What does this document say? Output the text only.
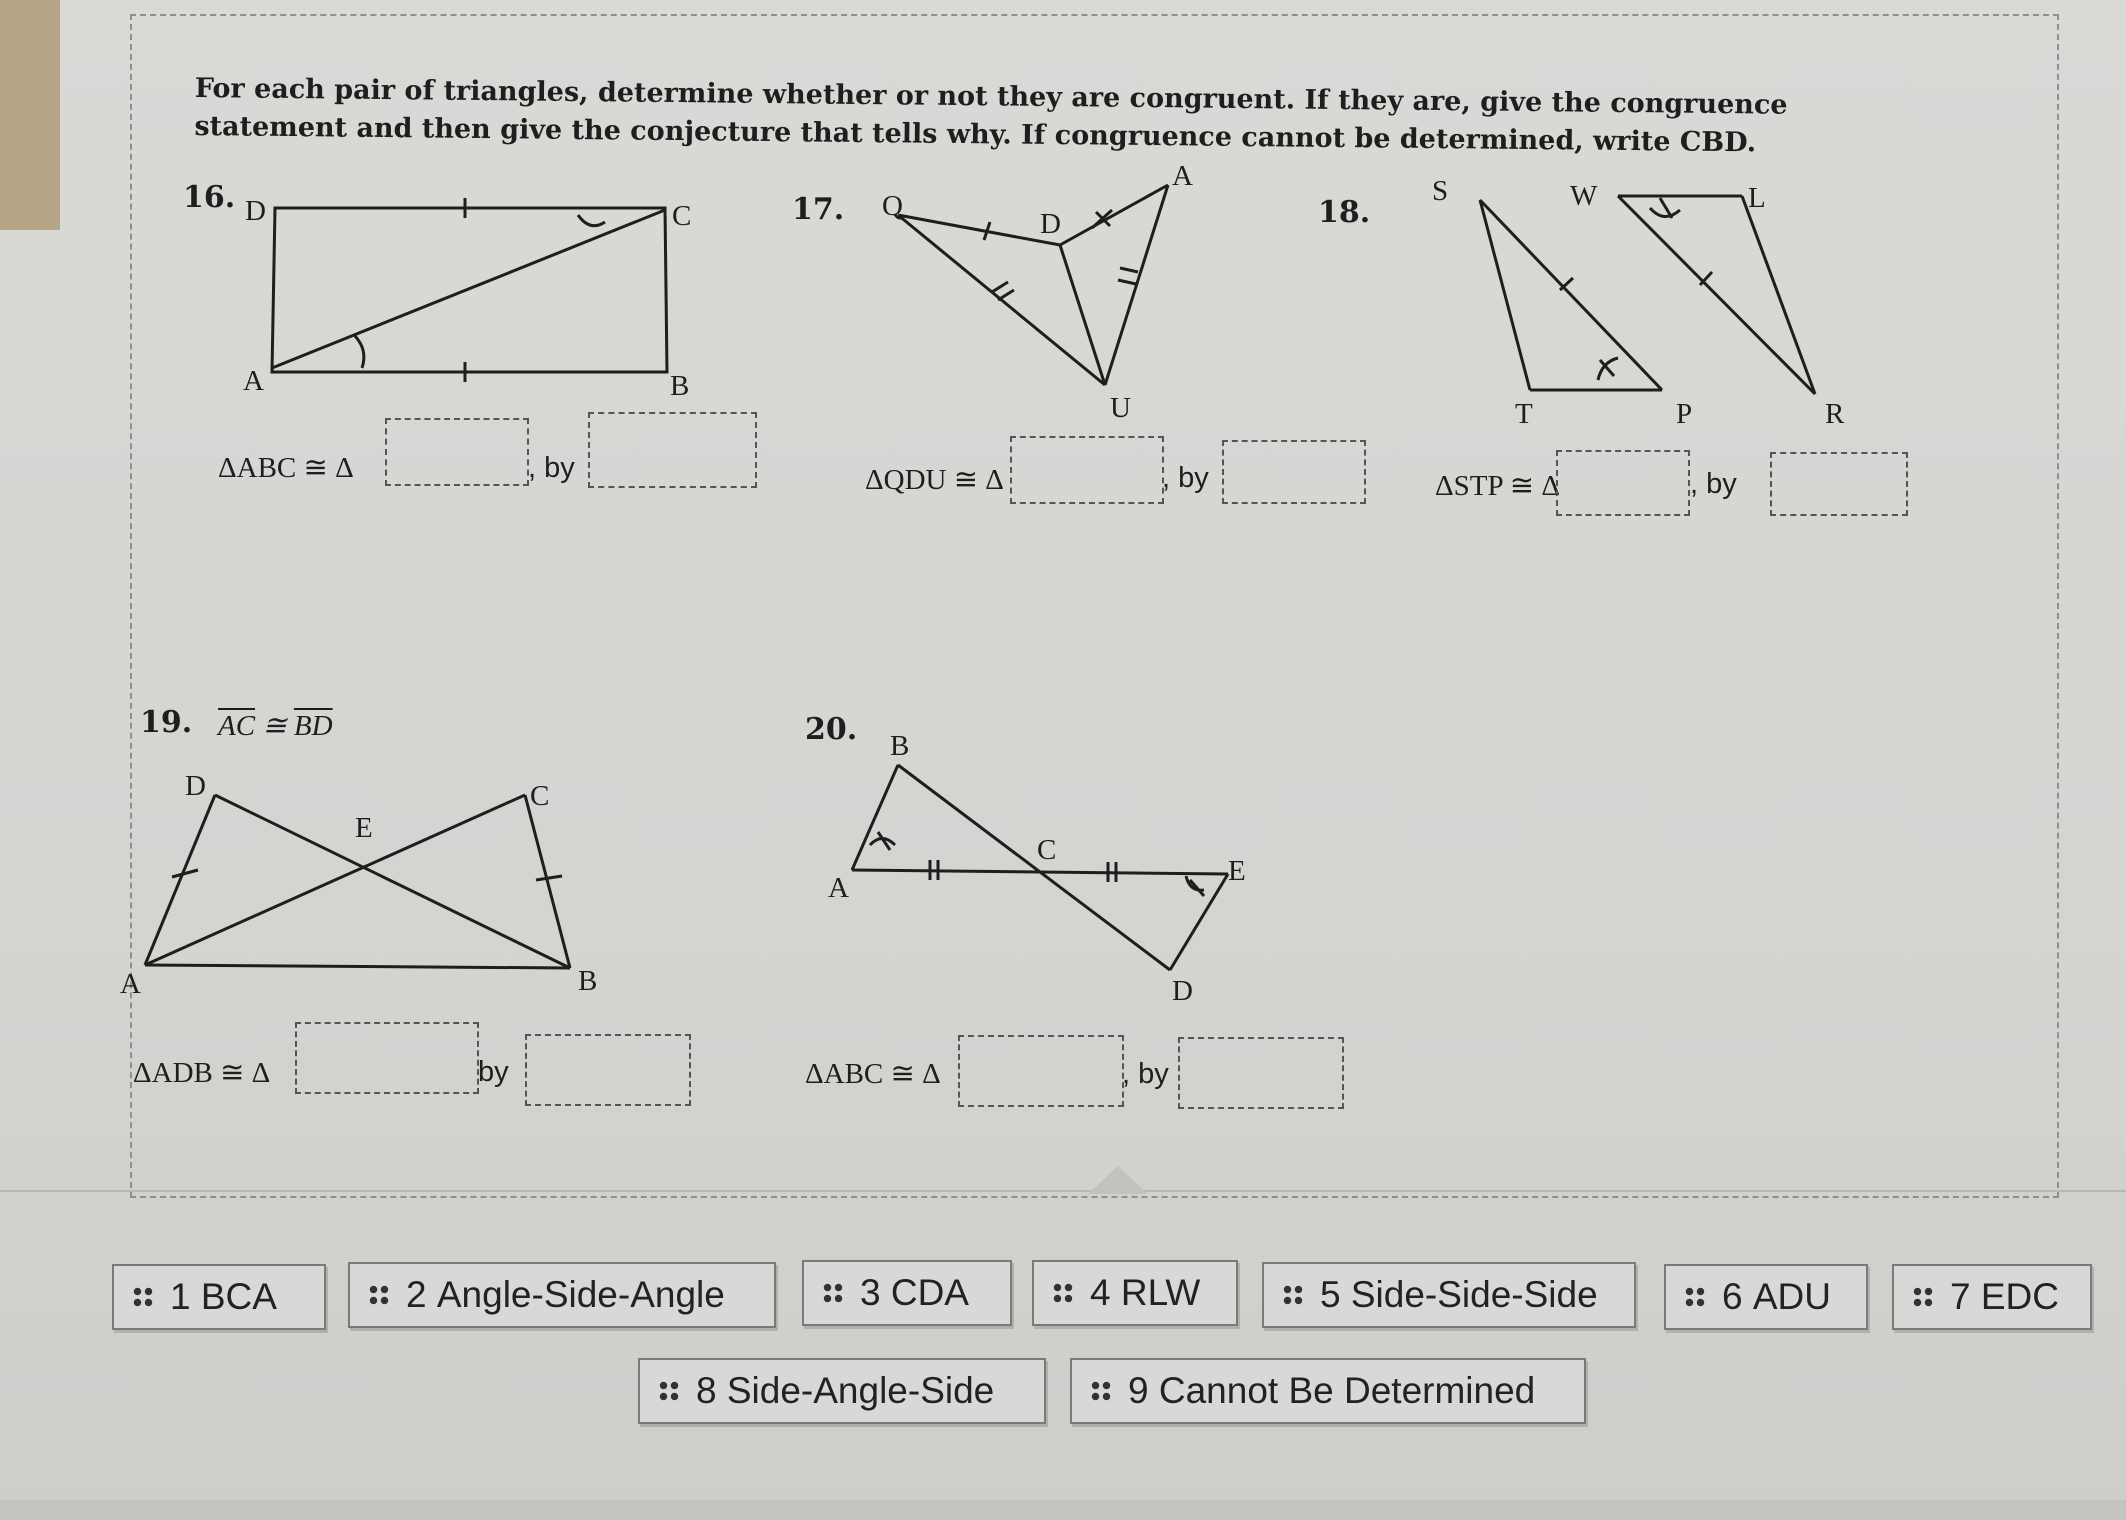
For each pair of triangles, determine whether or not they are congruent. If they are, give the congruence statement and then give the conjecture that tells why. If congruence cannot be determined, write CBD.
16.	17.	18.
19.	20.
D	C
A	B
Q
D
A
U
S	W	L
T	P	R
D	C
E
A	B
B
A
C
E
D
$\overline{AC}$ ≅ $\overline{BD}$
ΔABC ≅ Δ	, by	ΔQDU ≅ Δ	, by	ΔSTP ≅ Δ	, by
ΔADB ≅ Δ	by	ΔABC ≅ Δ	, by
1
BCA	2
Angle-Side-Angle	3
CDA	4
RLW	5
Side-Side-Side	6
ADU	7
EDC
8
Side-Angle-Side	9
Cannot Be Determined
